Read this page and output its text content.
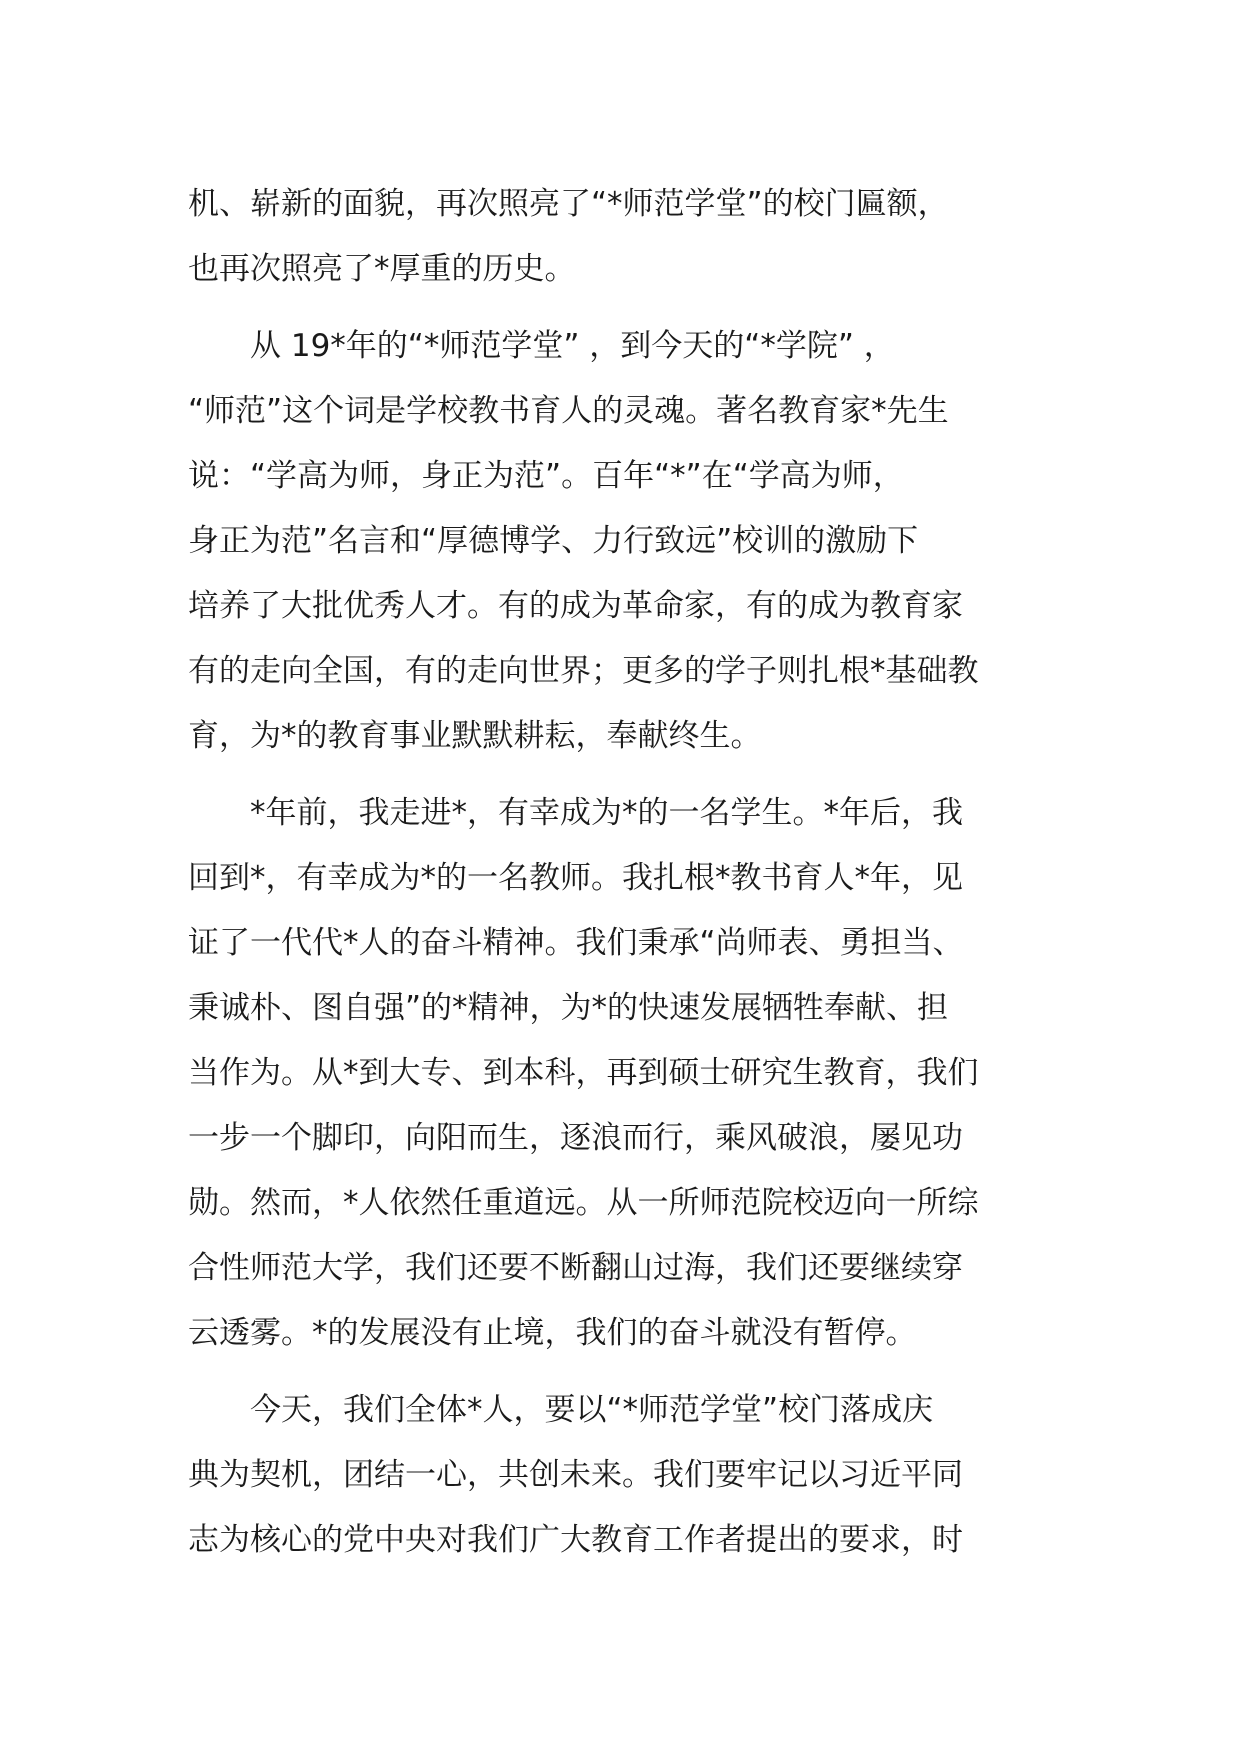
机、崭新的面貌，再次照亮了“*师范学堂”的校门匾额，
也再次照亮了*厚重的历史。
从 19*年的“*师范学堂” ，到今天的“*学院” ，
“师范”这个词是学校教书育人的灵魂。著名教育家*先生
说：“学高为师，身正为范”。百年“*”在“学高为师，
身正为范”名言和“厚德博学、力行致远”校训的激励下
培养了大批优秀人才。有的成为革命家，有的成为教育家
有的走向全国，有的走向世界；更多的学子则扎根*基础教
育，为*的教育事业默默耕耘，奉献终生。
*年前，我走进*，有幸成为*的一名学生。*年后，我
回到*，有幸成为*的一名教师。我扎根*教书育人*年，见
证了一代代*人的奋斗精神。我们秉承“尚师表、勇担当、
秉诚朴、图自强”的*精神，为*的快速发展牺牲奉献、担
当作为。从*到大专、到本科，再到硕士研究生教育，我们
一步一个脚印，向阳而生，逐浪而行，乘风破浪，屡见功
勋。然而，*人依然任重道远。从一所师范院校迈向一所综
合性师范大学，我们还要不断翻山过海，我们还要继续穿
云透雾。*的发展没有止境，我们的奋斗就没有暂停。
今天，我们全体*人，要以“*师范学堂”校门落成庆
典为契机，团结一心，共创未来。我们要牢记以习近平同
志为核心的党中央对我们广大教育工作者提出的要求，时
